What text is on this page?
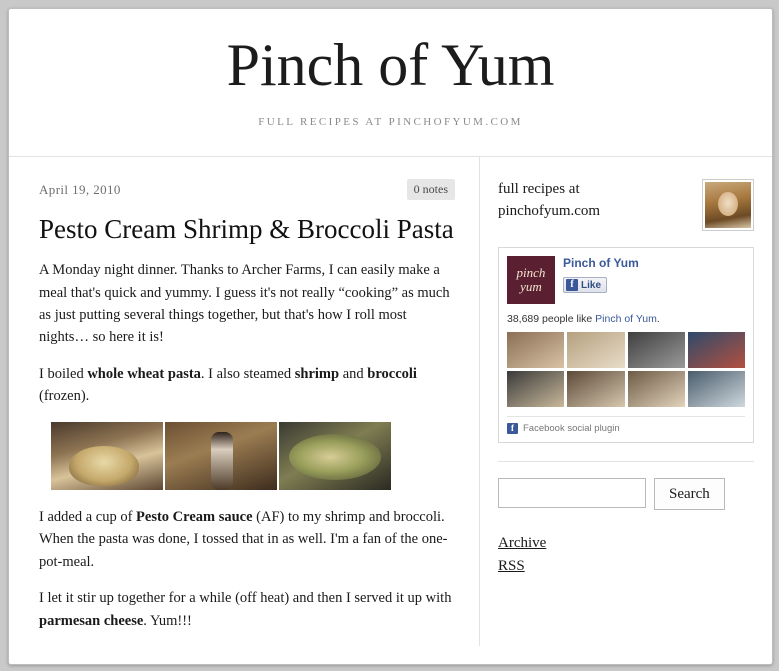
Pinch of Yum
FULL RECIPES AT PINCHOFYUM.COM
April 19, 2010	0 notes
Pesto Cream Shrimp & Broccoli Pasta

A Monday night dinner. Thanks to Archer Farms, I can easily make a meal that's quick and yummy. I guess it's not really “cooking” as much as just putting several things together, but that's how I roll most nights… so here it is!

I boiled whole wheat pasta. I also steamed shrimp and broccoli (frozen).

I added a cup of Pesto Cream sauce (AF) to my shrimp and broccoli. When the pasta was done, I tossed that in as well. I'm a fan of the one-pot-meal.

I let it stir up together for a while (off heat) and then I served it up with parmesan cheese. Yum!!!

full recipes at
pinchofyum.com
pinch
yum
Pinch of Yum
f Like
38,689 people like Pinch of Yum.
f Facebook social plugin
Search
Archive
RSS
